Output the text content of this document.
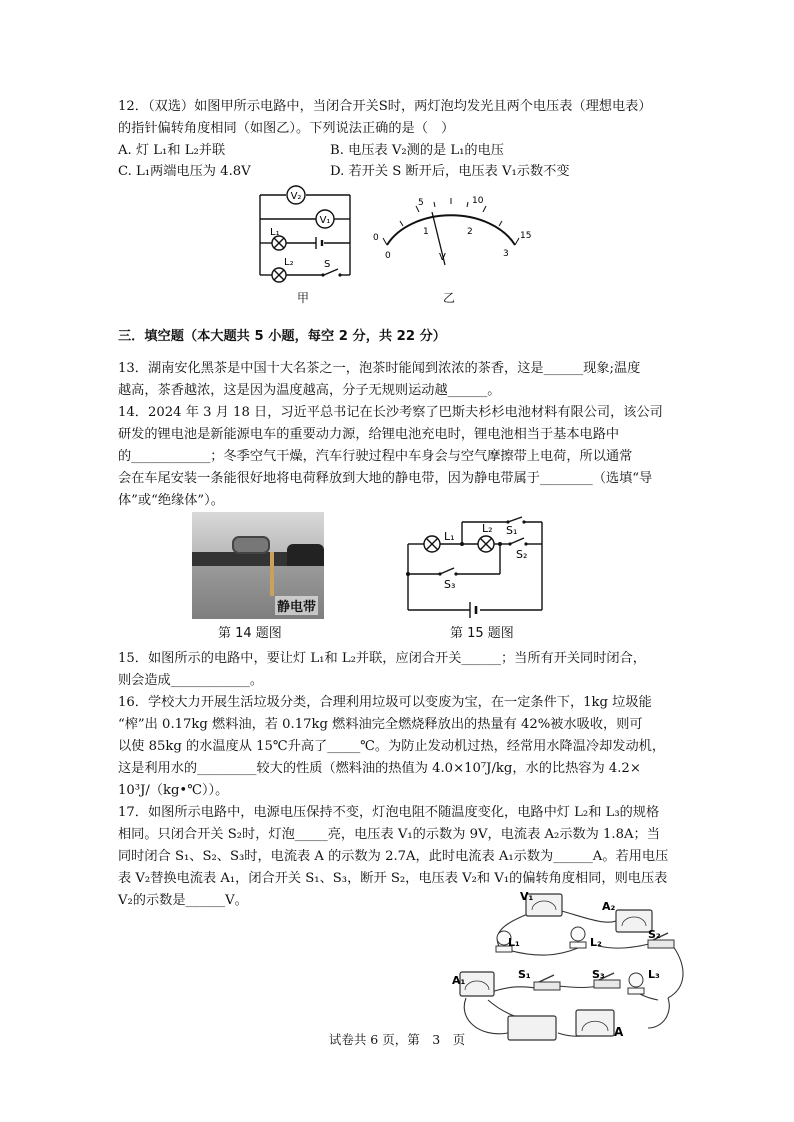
12．（双选）如图甲所示电路中，当闭合开关S时，两灯泡均发光且两个电压表（理想电表）
的指针偏转角度相同（如图乙）。下列说法正确的是（　）
A. 灯 L₁和 L₂并联	B. 电压表 V₂测的是 L₁的电压
C. L₁两端电压为 4.8V	D. 若开关 S 断开后，电压表 V₁示数不变
V₂
V₁
L₁
L₂	S
甲
0
5	10
15
0
1	2
3
V
乙
三．填空题（本大题共 5 小题，每空 2 分，共 22 分）
13．湖南安化黑茶是中国十大名茶之一，泡茶时能闻到浓浓的茶香，这是______现象;温度
越高，茶香越浓，这是因为温度越高，分子无规则运动越______。
14．2024 年 3 月 18 日，习近平总书记在长沙考察了巴斯夫杉杉电池材料有限公司，该公司
研发的锂电池是新能源电车的重要动力源，给锂电池充电时，锂电池相当于基本电路中
的____________；冬季空气干燥，汽车行驶过程中车身会与空气摩擦带上电荷，所以通常
会在车尾安装一条能很好地将电荷释放到大地的静电带，因为静电带属于________（选填“导
体”或“绝缘体”）。
静电带
第 14 题图
L₁
L₂ S₁
S₂
S₃
第 15 题图
15．如图所示的电路中，要让灯 L₁和 L₂并联，应闭合开关______；当所有开关同时闭合，
则会造成____________。
16．学校大力开展生活垃圾分类，合理利用垃圾可以变废为宝，在一定条件下，1kg 垃圾能
“榨”出 0.17kg 燃料油，若 0.17kg 燃料油完全燃烧释放出的热量有 42%被水吸收，则可
以使 85kg 的水温度从 15℃升高了_____℃。为防止发动机过热，经常用水降温冷却发动机，
这是利用水的_________较大的性质（燃料油的热值为 4.0×10⁷J/kg，水的比热容为 4.2×
10³J/（kg•℃））。
17．如图所示电路中，电源电压保持不变，灯泡电阻不随温度变化，电路中灯 L₂和 L₃的规格
相同。只闭合开关 S₂时，灯泡_____亮，电压表 V₁的示数为 9V，电流表 A₂示数为 1.8A；当
同时闭合 S₁、S₂、S₃时，电流表 A 的示数为 2.7A，此时电流表 A₁示数为______A。若用电压
表 V₂替换电流表 A₁，闭合开关 S₁、S₃，断开 S₂，电压表 V₂和 V₁的偏转角度相同，则电压表
V₂的示数是______V。	V₁
A₂
L₁	L₂
S₂
A₁	S₁	S₃	L₃
A
试卷共 6 页，第　3　页
